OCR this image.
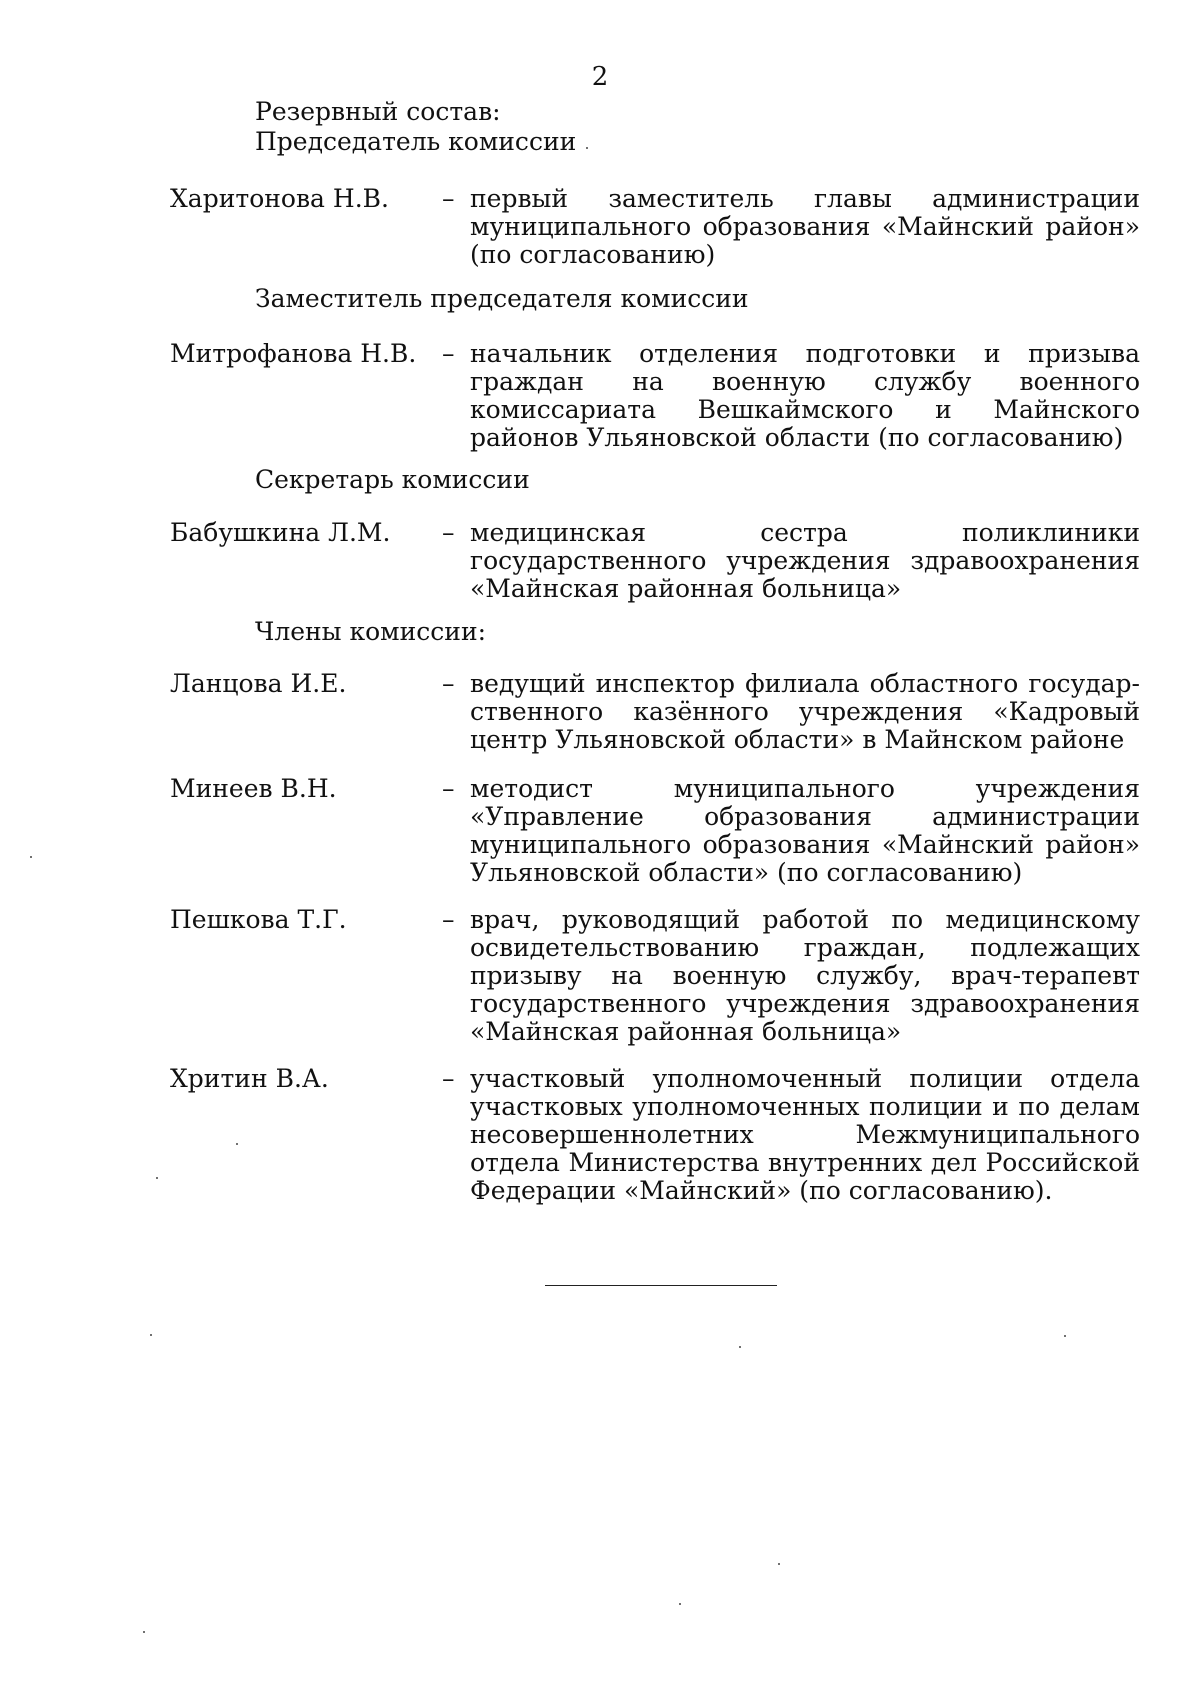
2
Резервный состав:
Председатель комиссии
Харитонова Н.В. – первый заместитель главы администрации муниципального образования «Майнский район» (по согласованию)
Заместитель председателя комиссии
Митрофанова Н.В. – начальник отделения подготовки и призыва граждан на военную службу военного комиссариата Вешкаймского и Майнского районов Ульяновской области (по согласованию)
Секретарь комиссии
Бабушкина Л.М. – медицинская сестра поликлиники государственного учреждения здравоохранения «Майнская районная больница»
Члены комиссии:
Ланцова И.Е.	– ведущий инспектор филиала областного государственного казённого учреждения «Кадровый центр Ульяновской области» в Майнском районе
Минеев В.Н.	– методист муниципального учреждения «Управление образования администрации муниципального образования «Майнский район» Ульяновской области» (по согласованию)
Пешкова Т.Г.	– врач, руководящий работой по медицинскому освидетельствованию граждан, подлежащих призыву на военную службу, врач-терапевт государственного учреждения здравоохранения «Майнская районная больница»
Хритин В.А.	– участковый уполномоченный полиции отдела участковых уполномоченных полиции и по делам несовершеннолетних Межмуниципального отдела Министерства внутренних дел Российской Федерации «Майнский» (по согласованию).
